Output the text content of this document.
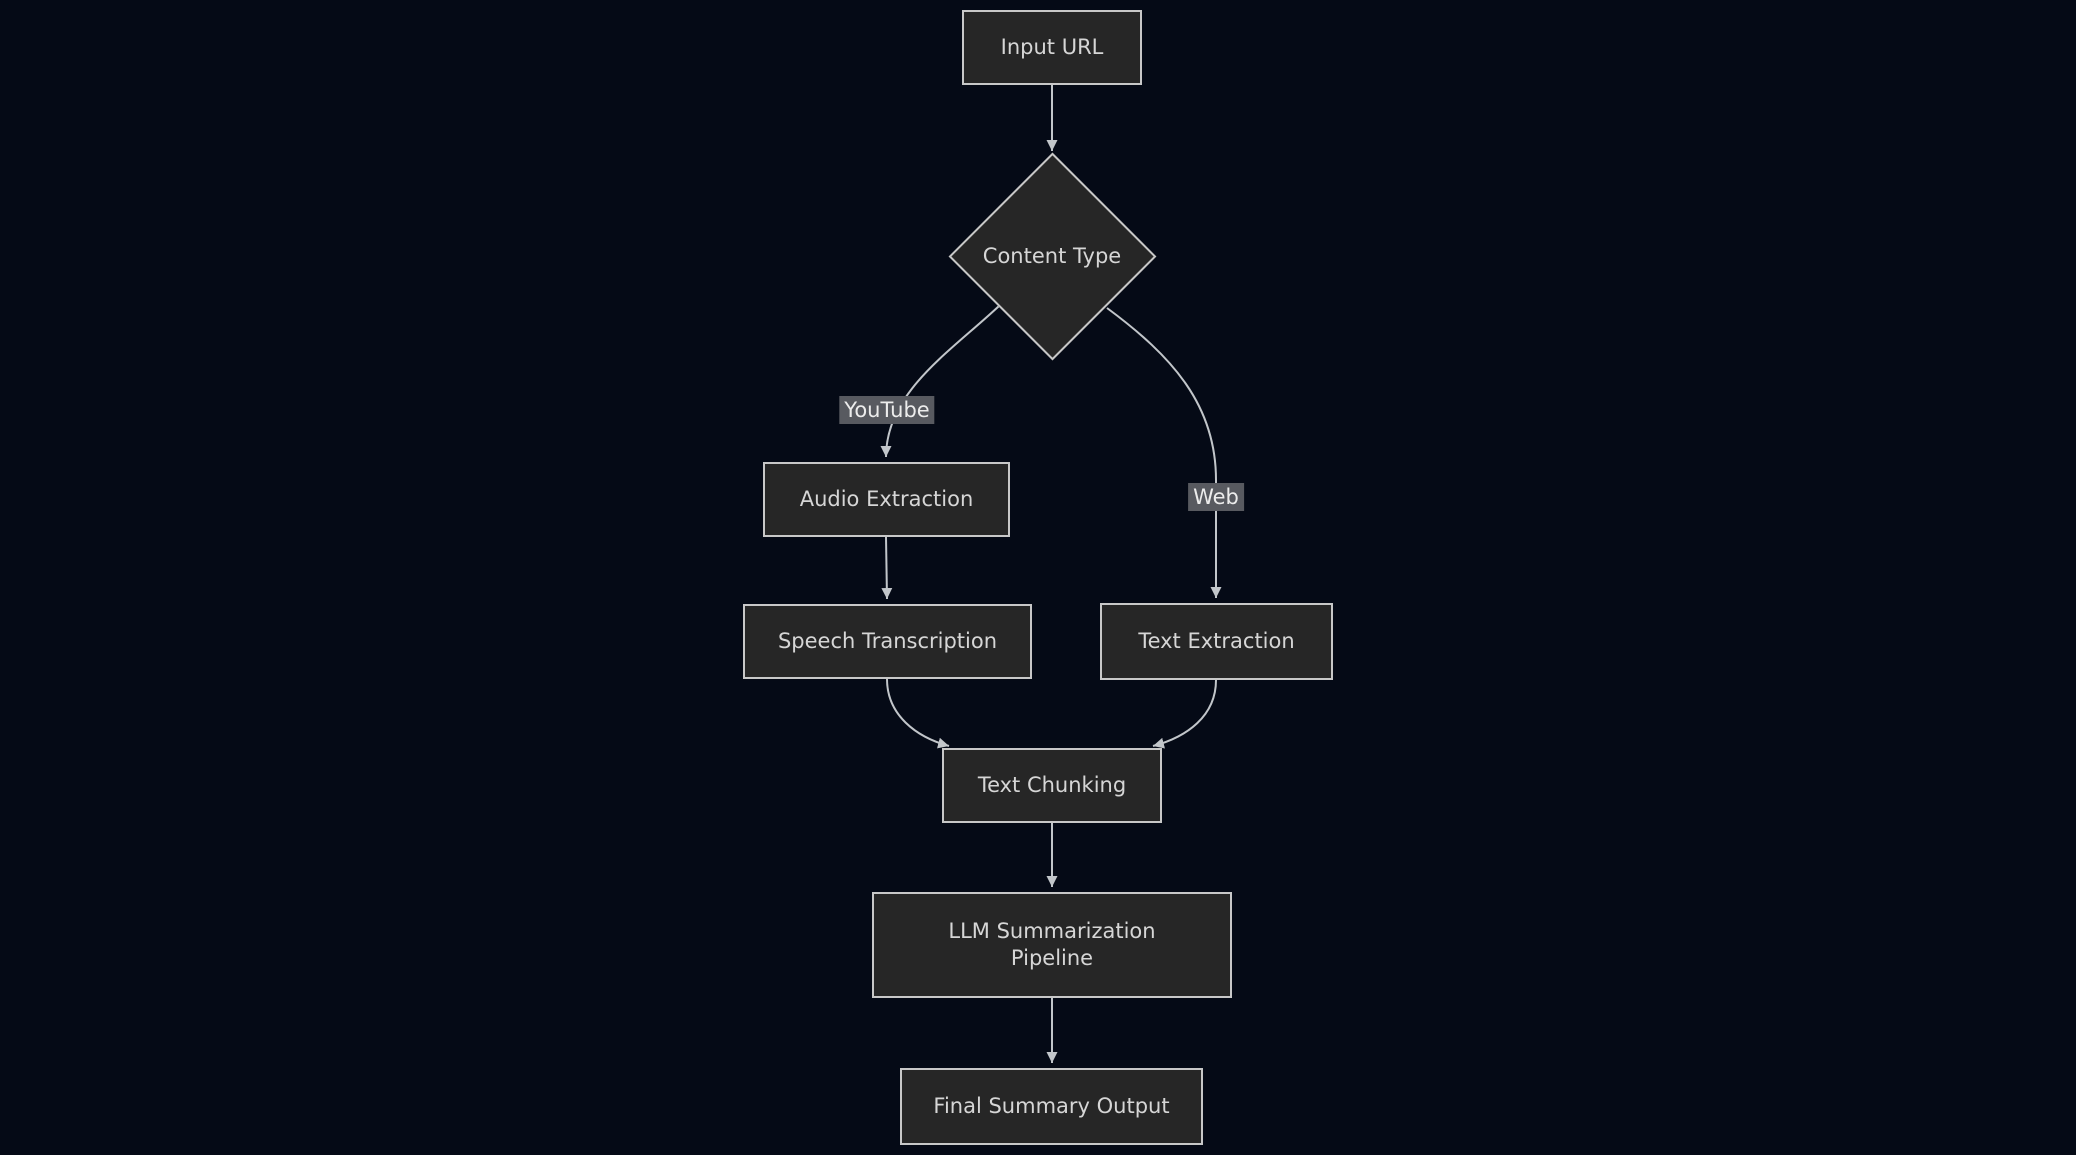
Input URL
Content Type
Audio Extraction
Text Extraction
Speech Transcription
Text Chunking
LLM Summarization Pipeline
Final Summary Output
YouTube
Web
